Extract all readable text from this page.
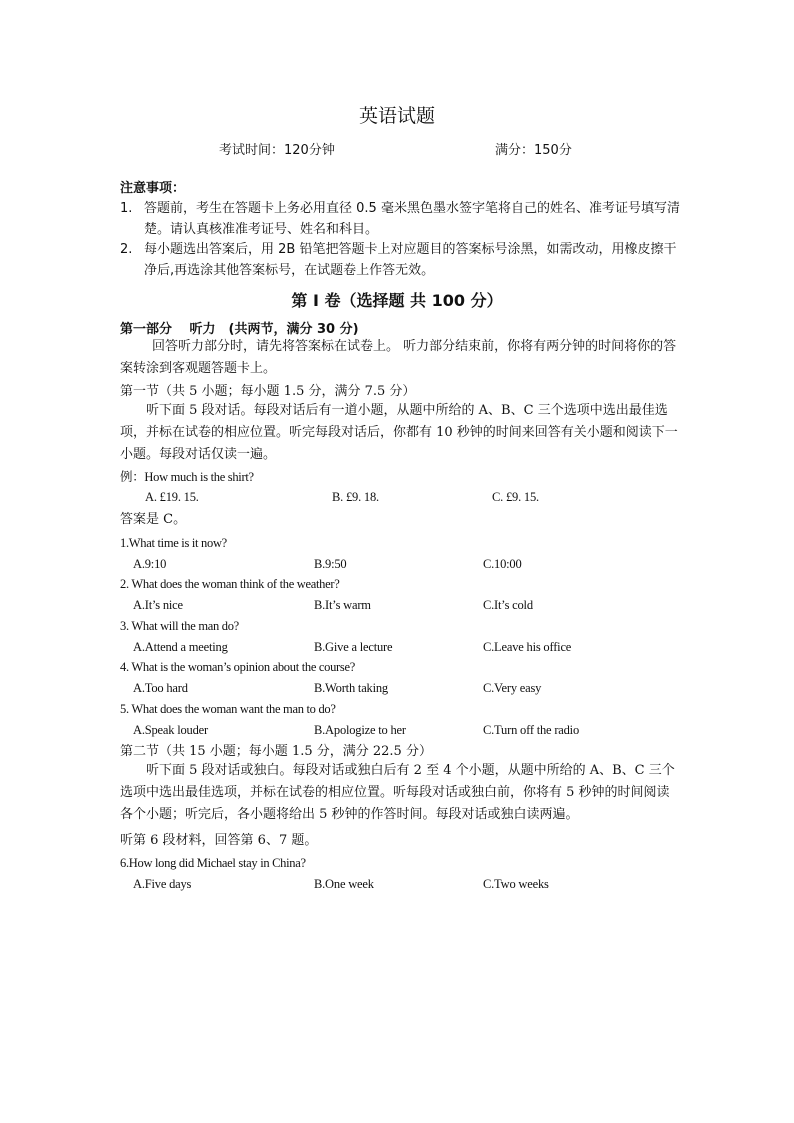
英语试题
考试时间：120分钟	满分：150分
注意事项：
1. 答题前，考生在答题卡上务必用直径 0.5 毫米黑色墨水签字笔将自己的姓名、准考证号填写清楚。请认真核准准考证号、姓名和科目。
2. 每小题选出答案后，用 2B 铅笔把答题卡上对应题目的答案标号涂黑，如需改动，用橡皮擦干净后,再选涂其他答案标号，在试题卷上作答无效。
第 I 卷（选择题 共 100 分）
第一部分　 听力　(共两节，满分 30 分)
回答听力部分时，请先将答案标在试卷上。 听力部分结束前，你将有两分钟的时间将你的答案转涂到客观题答题卡上。
第一节（共 5 小题；每小题 1.5 分，满分 7.5 分）
听下面 5 段对话。每段对话后有一道小题，从题中所给的 A、B、C 三个选项中选出最佳选项，并标在试卷的相应位置。听完每段对话后，你都有 10 秒钟的时间来回答有关小题和阅读下一小题。每段对话仅读一遍。
例：How much is the shirt?
A. £19. 15.	B. £9. 18.	C. £9. 15.
答案是 C。
1.What time is it now?
A.9:10	B.9:50	C.10:00
2. What does the woman think of the weather?
A.It’s nice	B.It’s warm	C.It’s cold
3. What will the man do?
A.Attend a meeting	B.Give a lecture	C.Leave his office
4. What is the woman’s opinion about the course?
A.Too hard	B.Worth taking	C.Very easy
5. What does the woman want the man to do?
A.Speak louder	B.Apologize to her	C.Turn off the radio
第二节（共 15 小题；每小题 1.5 分，满分 22.5 分）
听下面 5 段对话或独白。每段对话或独白后有 2 至 4 个小题，从题中所给的 A、B、C 三个选项中选出最佳选项，并标在试卷的相应位置。听每段对话或独白前，你将有 5 秒钟的时间阅读各个小题；听完后，各小题将给出 5 秒钟的作答时间。每段对话或独白读两遍。
听第 6 段材料，回答第 6、7 题。
6.How long did Michael stay in China?
A.Five days	B.One week	C.Two weeks
